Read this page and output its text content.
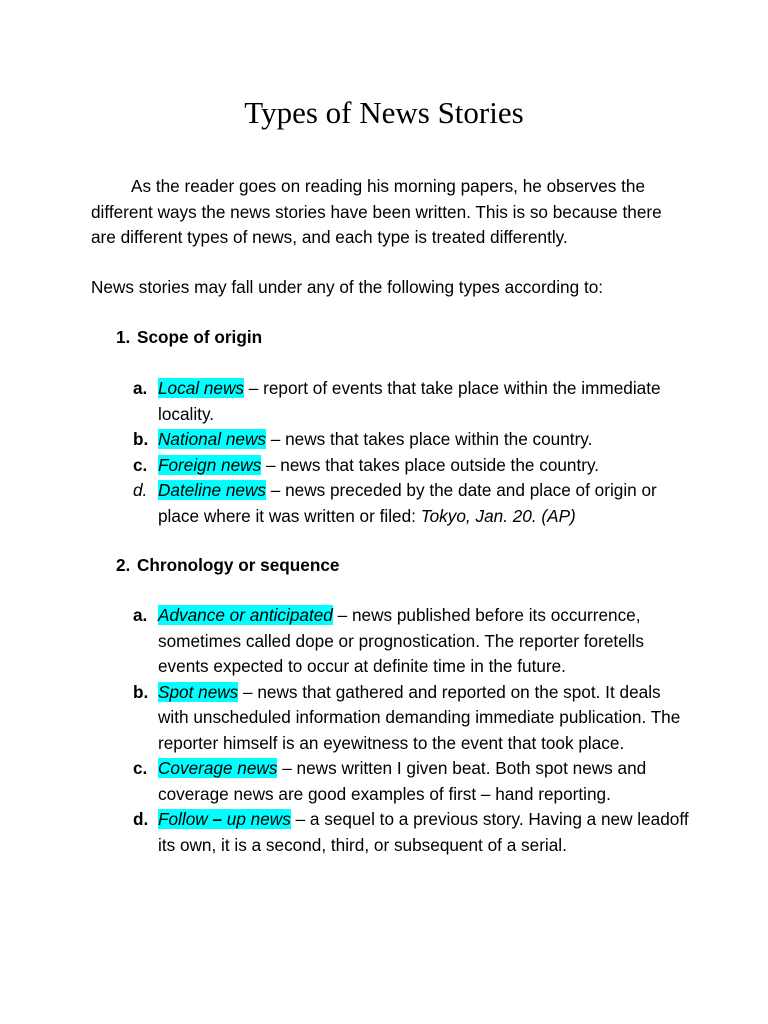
Types of News Stories

As the reader goes on reading his morning papers, he observes the different ways the news stories have been written. This is so because there are different types of news, and each type is treated differently.

News stories may fall under any of the following types according to:

1. Scope of origin

a. Local news – report of events that take place within the immediate locality.
b. National news – news that takes place within the country.
c. Foreign news – news that takes place outside the country.
d. Dateline news – news preceded by the date and place of origin or place where it was written or filed: Tokyo, Jan. 20. (AP)

2. Chronology or sequence

a. Advance or anticipated – news published before its occurrence, sometimes called dope or prognostication. The reporter foretells events expected to occur at definite time in the future.
b. Spot news – news that gathered and reported on the spot. It deals with unscheduled information demanding immediate publication. The reporter himself is an eyewitness to the event that took place.
c. Coverage news – news written I given beat. Both spot news and coverage news are good examples of first – hand reporting.
d. Follow – up news – a sequel to a previous story. Having a new leadoff its own, it is a second, third, or subsequent of a serial.
